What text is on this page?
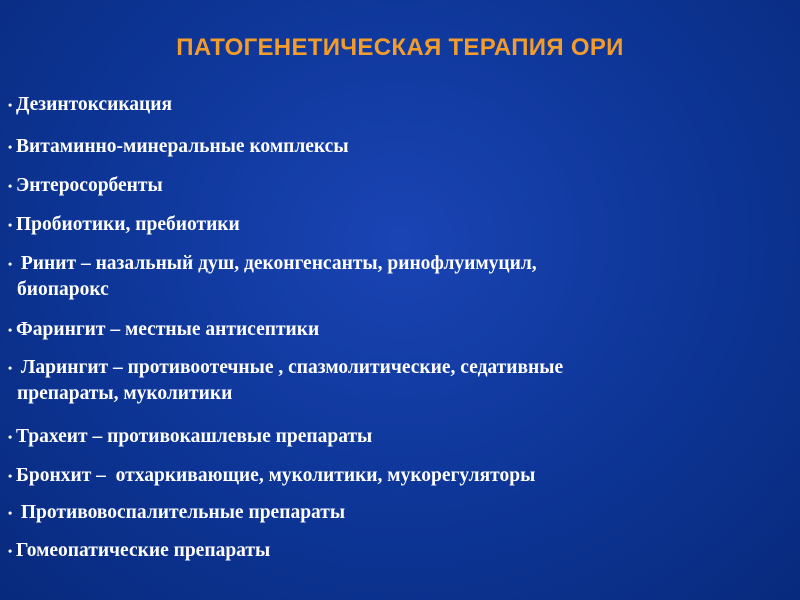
ПАТОГЕНЕТИЧЕСКАЯ ТЕРАПИЯ ОРИ
• Дезинтоксикация
• Витаминно-минеральные комплексы
• Энтеросорбенты
• Пробиотики, пребиотики
• Ринит – назальный душ, деконгенсанты, ринофлуимуцил,
биопарокс
• Фарингит – местные антисептики
• Ларингит – противоотечные , спазмолитические, седативные
препараты, муколитики
• Трахеит – противокашлевые препараты
• Бронхит –  отхаркивающие, муколитики, мукорегуляторы
• Противовоспалительные препараты
• Гомеопатические препараты
